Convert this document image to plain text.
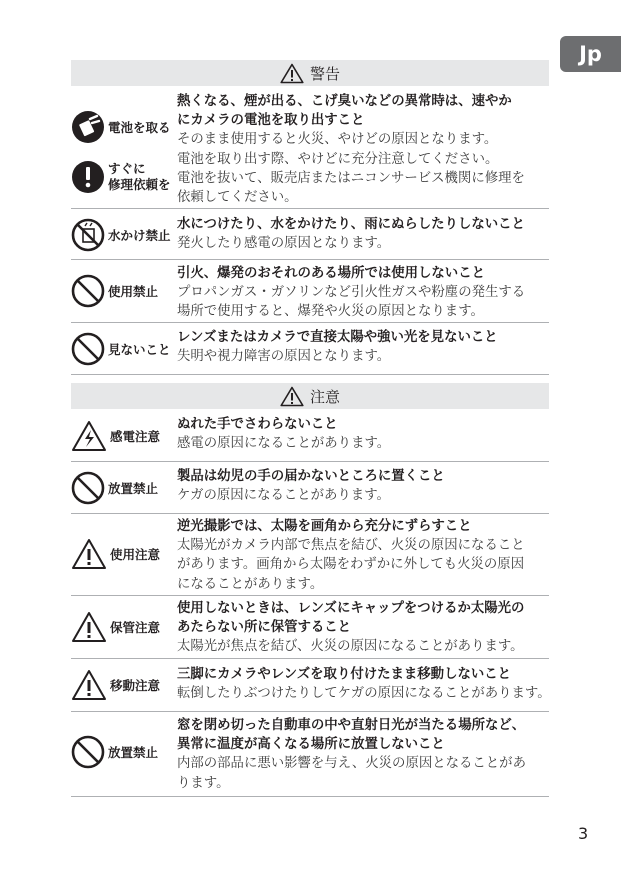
Jp
警告
電池を取る
すぐに
修理依頼を
熱くなる、煙が出る、こげ臭いなどの異常時は、速やか
にカメラの電池を取り出すこと
そのまま使用すると火災、やけどの原因となります。
電池を取り出す際、やけどに充分注意してください。
電池を抜いて、販売店またはニコンサービス機関に修理を
依頼してください。
水かけ禁止
水につけたり、水をかけたり、雨にぬらしたりしないこと
発火したり感電の原因となります。
使用禁止
引火、爆発のおそれのある場所では使用しないこと
プロパンガス・ガソリンなど引火性ガスや粉塵の発生する
場所で使用すると、爆発や火災の原因となります。
見ないこと
レンズまたはカメラで直接太陽や強い光を見ないこと
失明や視力障害の原因となります。
注意
感電注意
ぬれた手でさわらないこと
感電の原因になることがあります。
放置禁止
製品は幼児の手の届かないところに置くこと
ケガの原因になることがあります。
使用注意
逆光撮影では、太陽を画角から充分にずらすこと
太陽光がカメラ内部で焦点を結び、火災の原因になること
があります。画角から太陽をわずかに外しても火災の原因
になることがあります。
保管注意
使用しないときは、レンズにキャップをつけるか太陽光の
あたらない所に保管すること
太陽光が焦点を結び、火災の原因になることがあります。
移動注意
三脚にカメラやレンズを取り付けたまま移動しないこと
転倒したりぶつけたりしてケガの原因になることがあります。
放置禁止
窓を閉め切った自動車の中や直射日光が当たる場所など、
異常に温度が高くなる場所に放置しないこと
内部の部品に悪い影響を与え、火災の原因となることがあ
ります。
3
